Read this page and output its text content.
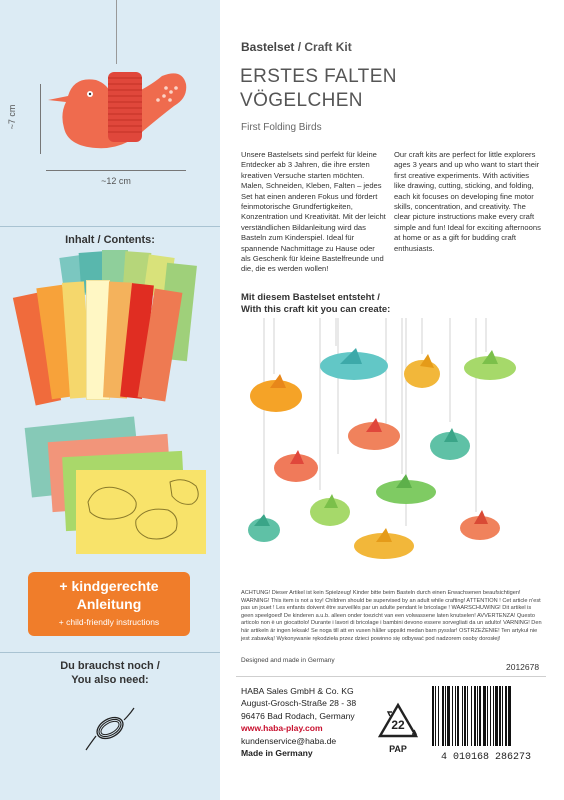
~7 cm
~12 cm
Inhalt / Contents:
+ kindgerechte
Anleitung
+ child-friendly instructions
Du brauchst noch /
You also need:
Bastelset / Craft Kit
ERSTES FALTEN
VÖGELCHEN
First Folding Birds
Unsere Bastelsets sind perfekt für kleine Entdecker ab 3 Jahren, die ihre ersten kreativen Versuche starten möchten. Malen, Schneiden, Kleben, Falten – jedes Set hat einen anderen Fokus und fördert feinmotorische Grundfertigkeiten, Konzentration und Kreativität. Mit der leicht verständlichen Bildanleitung wird das Basteln zum Kinderspiel. Ideal für spannende Nachmittage zu Hause oder als Geschenk für kleine Bastelfreunde und die, die es werden wollen!
Our craft kits are perfect for little explorers ages 3 years and up who want to start their first creative experiments. With activities like drawing, cutting, sticking, and folding, each kit focuses on developing fine motor skills, concentration, and creativity. The clear picture instructions make every craft simple and fun! Ideal for exciting afternoons at home or as a gift for budding craft enthusiasts.
Mit diesem Bastelset entsteht /
With this craft kit you can create:
ACHTUNG! Dieser Artikel ist kein Spielzeug! Kinder bitte beim Basteln durch einen Erwachsenen beaufsichtigen! WARNING! This item is not a toy! Children should be supervised by an adult while crafting! ATTENTION ! Cet article n'est pas un jouet ! Les enfants doivent être surveillés par un adulte pendant le bricolage ! WAARSCHUWING! Dit artikel is geen speelgoed! De kinderen a.u.b. alleen onder toezicht van een volwassene laten knutselen! AVVERTENZA! Questo articolo non è un giocattolo! Durante i lavori di bricolage i bambini devono essere sorvegliati da un adulto! VARNING! Den här artikeln är ingen leksak! Se noga till att en vuxen håller uppsikt medan barn pysslar! OSTRZEŻENIE! Ten artykuł nie jest zabawką! Wykonywanie rękodzieła przez dzieci powinno się odbywać pod nadzorem osoby dorosłej!
Designed and made in Germany
2012678
HABA Sales GmbH & Co. KG
August-Grosch-Straße 28 - 38
96476 Bad Rodach, Germany
www.haba-play.com
kundenservice@haba.de
Made in Germany
22
PAP
4 010168 286273
